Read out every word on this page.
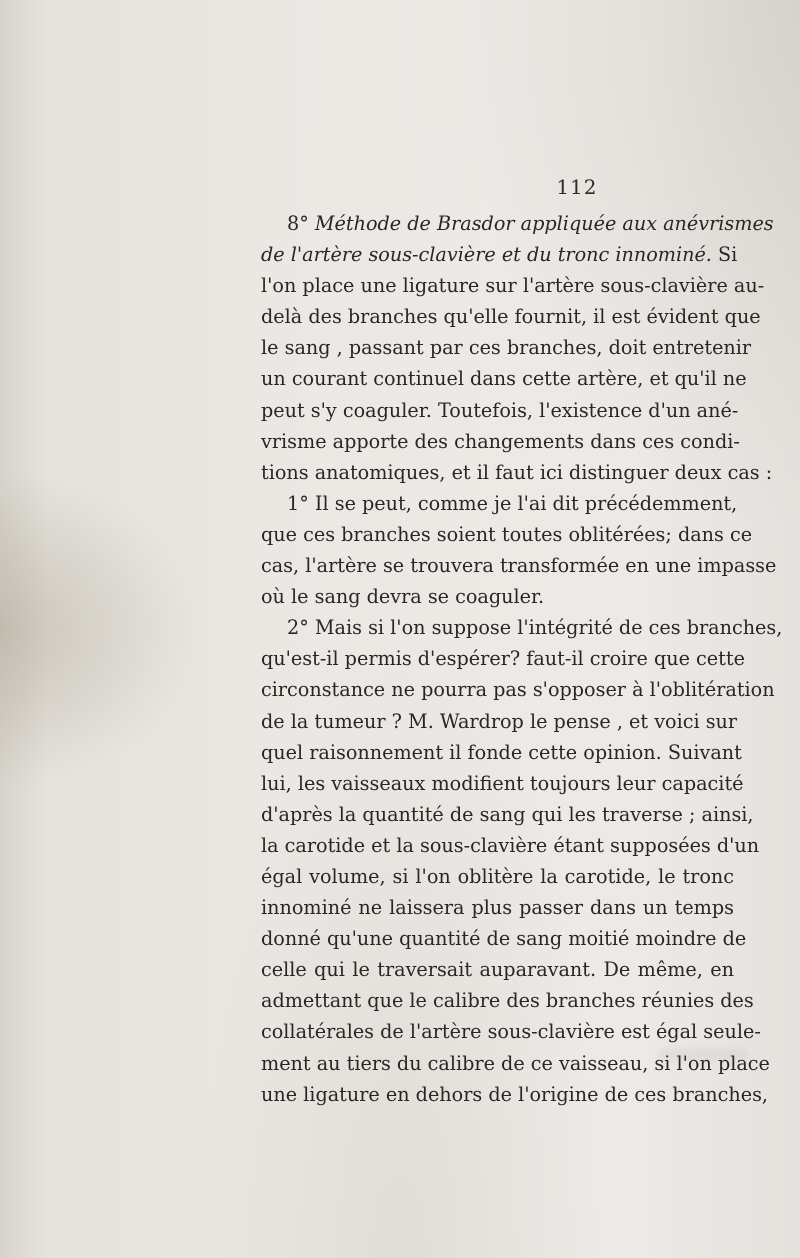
112
8° Méthode de Brasdor appliquée aux anévrismes
de l'artère sous-clavière et du tronc innominé. Si
l'on place une ligature sur l'artère sous-clavière au-
delà des branches qu'elle fournit, il est évident que
le sang , passant par ces branches, doit entretenir
un courant continuel dans cette artère, et qu'il ne
peut s'y coaguler. Toutefois, l'existence d'un ané-
vrisme apporte des changements dans ces condi-
tions anatomiques, et il faut ici distinguer deux cas :
1° Il se peut, comme je l'ai dit précédemment,
que ces branches soient toutes oblitérées; dans ce
cas, l'artère se trouvera transformée en une impasse
où le sang devra se coaguler.
2° Mais si l'on suppose l'intégrité de ces branches,
qu'est-il permis d'espérer? faut-il croire que cette
circonstance ne pourra pas s'opposer à l'oblitération
de la tumeur ? M. Wardrop le pense , et voici sur
quel raisonnement il fonde cette opinion. Suivant
lui, les vaisseaux modifient toujours leur capacité
d'après la quantité de sang qui les traverse ; ainsi,
la carotide et la sous-clavière étant supposées d'un
égal volume, si l'on oblitère la carotide, le tronc
innominé ne laissera plus passer dans un temps
donné qu'une quantité de sang moitié moindre de
celle qui le traversait auparavant. De même, en
admettant que le calibre des branches réunies des
collatérales de l'artère sous-clavière est égal seule-
ment au tiers du calibre de ce vaisseau, si l'on place
une ligature en dehors de l'origine de ces branches,
